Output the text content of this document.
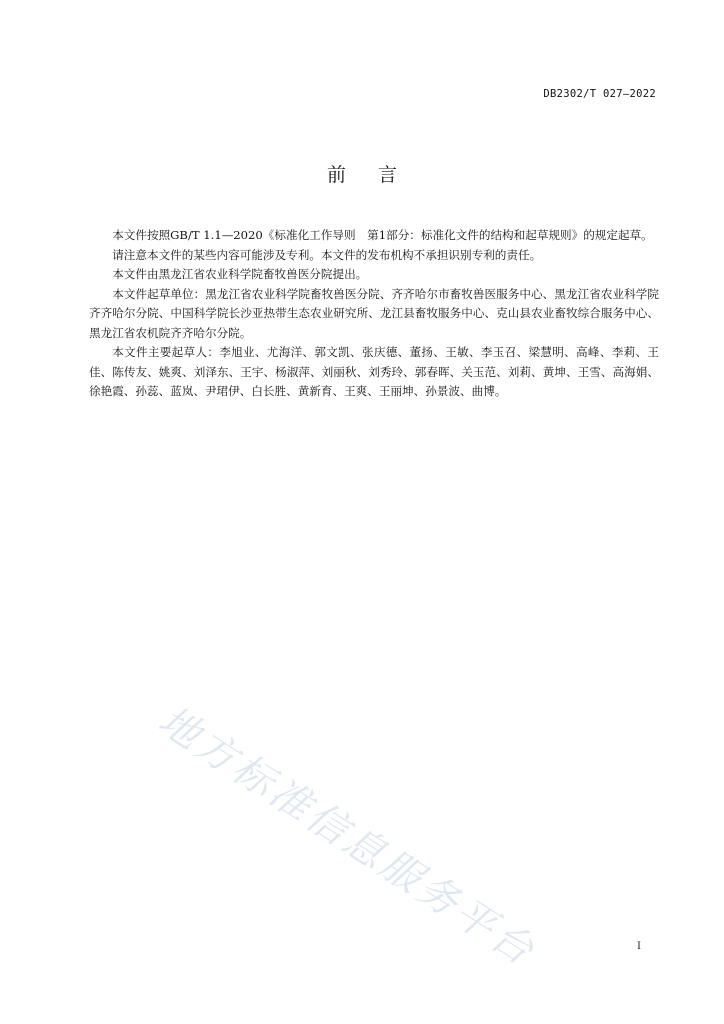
DB2302/T 027—2022
前言

本文件按照GB/T 1.1—2020《标准化工作导则　第1部分：标准化文件的结构和起草规则》的规定起草。

请注意本文件的某些内容可能涉及专利。本文件的发布机构不承担识别专利的责任。

本文件由黑龙江省农业科学院畜牧兽医分院提出。

本文件起草单位：黑龙江省农业科学院畜牧兽医分院、齐齐哈尔市畜牧兽医服务中心、黑龙江省农业科学院齐齐哈尔分院、中国科学院长沙亚热带生态农业研究所、龙江县畜牧服务中心、克山县农业畜牧综合服务中心、黑龙江省农机院齐齐哈尔分院。

本文件主要起草人：李旭业、尤海洋、郭文凯、张庆德、董扬、王敏、李玉召、梁慧明、高峰、李莉、王佳、陈传友、姚爽、刘泽东、王宇、杨淑萍、刘丽秋、刘秀玲、郭春晖、关玉范、刘莉、黄坤、王雪、高海娟、徐艳霞、孙蕊、蓝岚、尹珺伊、白长胜、黄新育、王爽、王丽坤、孙景波、曲博。

地方标准信息服务平台	I
